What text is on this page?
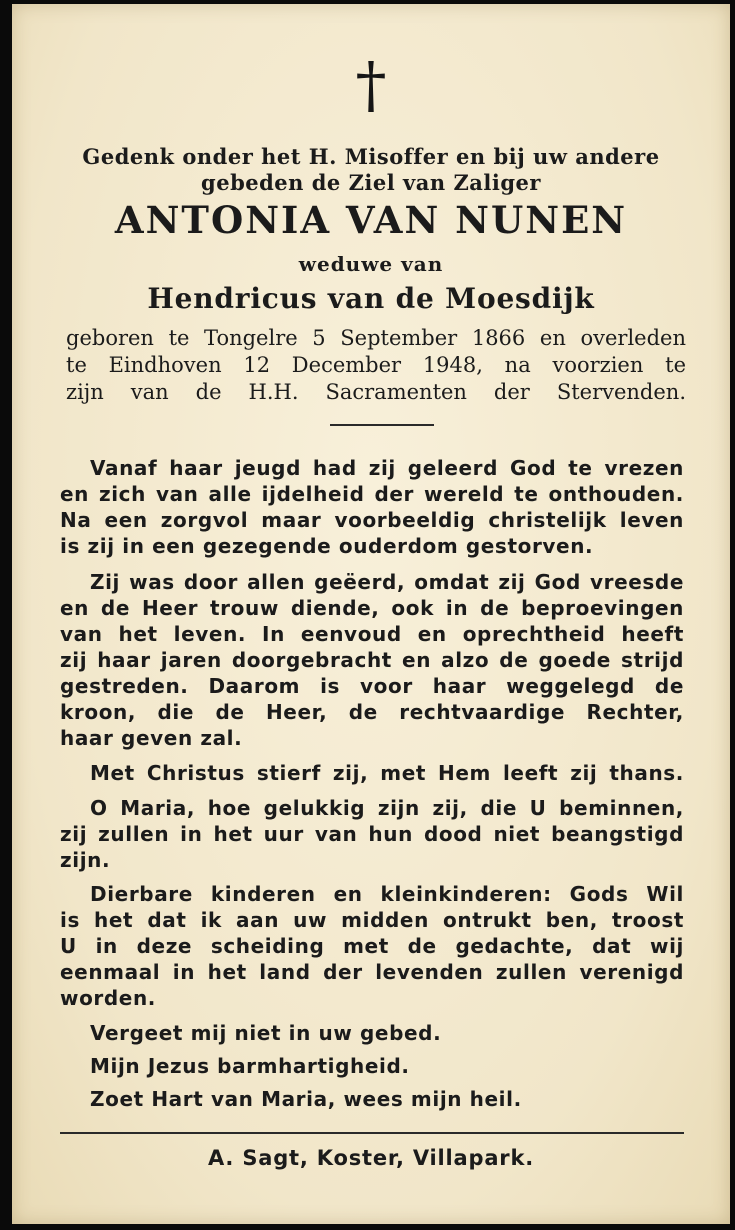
†
Gedenk onder het H. Misoffer en bij uw andere
gebeden de Ziel van Zaliger
ANTONIA VAN NUNEN
weduwe van
Hendricus van de Moesdijk
geboren te Tongelre 5 September 1866 en overleden
te Eindhoven 12 December 1948, na voorzien te
zijn van de H.H. Sacramenten der Stervenden.
Vanaf haar jeugd had zij geleerd God te vrezen
en zich van alle ijdelheid der wereld te onthouden.
Na een zorgvol maar voorbeeldig christelijk leven
is zij in een gezegende ouderdom gestorven.
Zij was door allen geëerd, omdat zij God vreesde
en de Heer trouw diende, ook in de beproevingen
van het leven. In eenvoud en oprechtheid heeft
zij haar jaren doorgebracht en alzo de goede strijd
gestreden. Daarom is voor haar weggelegd de
kroon, die de Heer, de rechtvaardige Rechter,
haar geven zal.
Met Christus stierf zij, met Hem leeft zij thans.
O Maria, hoe gelukkig zijn zij, die U beminnen,
zij zullen in het uur van hun dood niet beangstigd
zijn.
Dierbare kinderen en kleinkinderen: Gods Wil
is het dat ik aan uw midden ontrukt ben, troost
U in deze scheiding met de gedachte, dat wij
eenmaal in het land der levenden zullen verenigd
worden.
Vergeet mij niet in uw gebed.
Mijn Jezus barmhartigheid.
Zoet Hart van Maria, wees mijn heil.
A. Sagt, Koster, Villapark.
